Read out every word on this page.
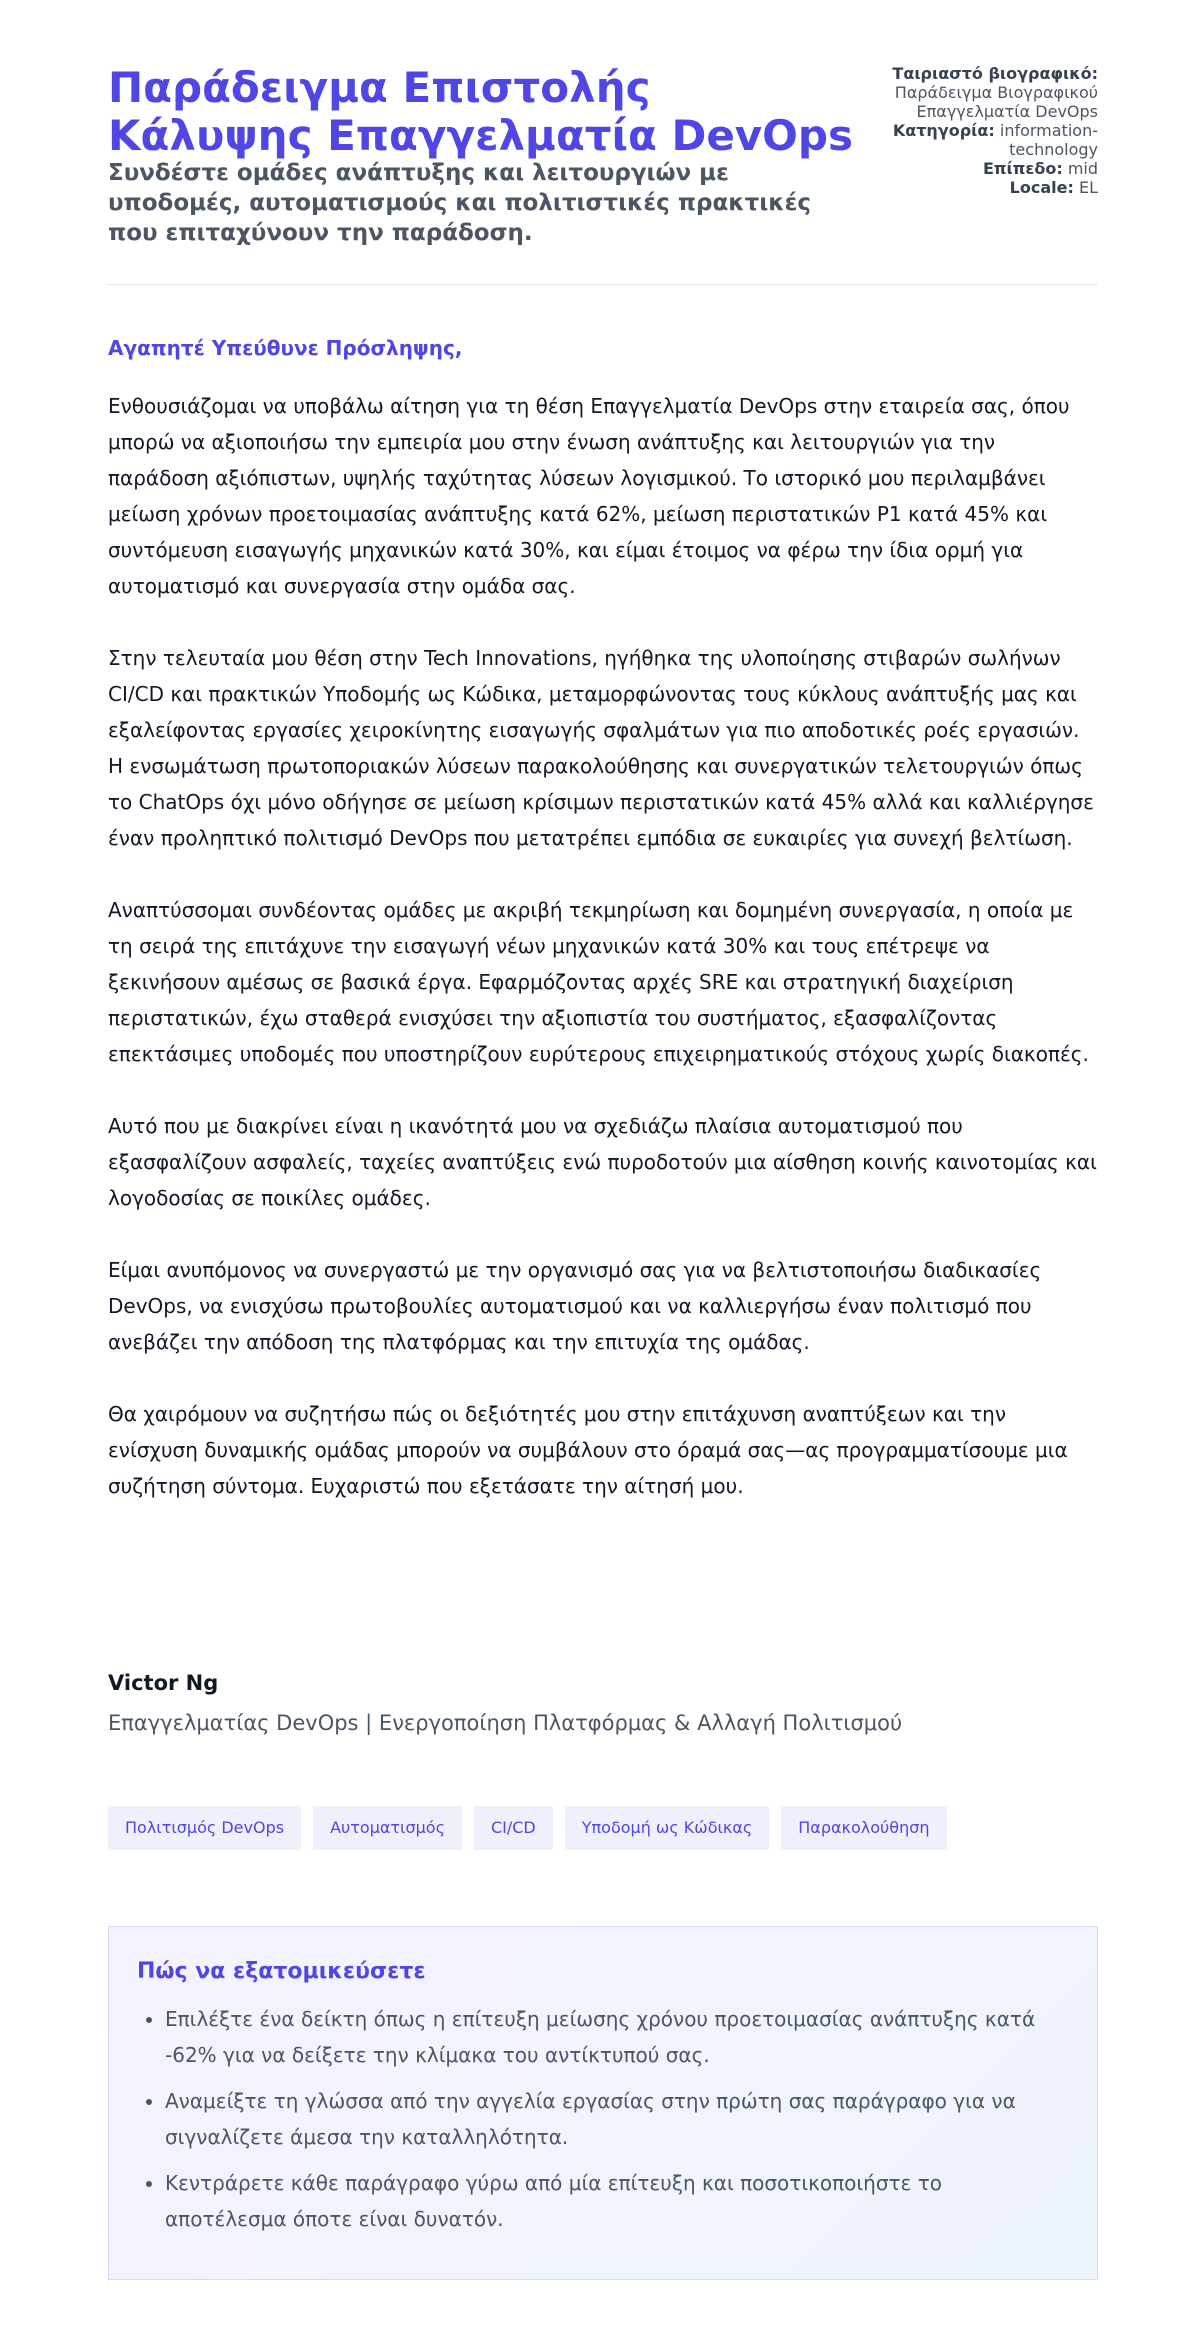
Παράδειγμα Επιστολής Κάλυψης Επαγγελματία DevOps

Συνδέστε ομάδες ανάπτυξης και λειτουργιών με υποδομές, αυτοματισμούς και πολιτιστικές πρακτικές που επιταχύνουν την παράδοση.

Ταιριαστό βιογραφικό:
Παράδειγμα Βιογραφικού Επαγγελματία DevOps

Κατηγορία: information-technology

Επίπεδο: mid

Locale: EL

Αγαπητέ Υπεύθυνε Πρόσληψης,

Ενθουσιάζομαι να υποβάλω αίτηση για τη θέση Επαγγελματία DevOps στην εταιρεία σας, όπου μπορώ να αξιοποιήσω την εμπειρία μου στην ένωση ανάπτυξης και λειτουργιών για την παράδοση αξιόπιστων, υψηλής ταχύτητας λύσεων λογισμικού. Το ιστορικό μου περιλαμβάνει μείωση χρόνων προετοιμασίας ανάπτυξης κατά 62%, μείωση περιστατικών P1 κατά 45% και συντόμευση εισαγωγής μηχανικών κατά 30%, και είμαι έτοιμος να φέρω την ίδια ορμή για αυτοματισμό και συνεργασία στην ομάδα σας.

Στην τελευταία μου θέση στην Tech Innovations, ηγήθηκα της υλοποίησης στιβαρών σωλήνων CI/CD και πρακτικών Υποδομής ως Κώδικα, μεταμορφώνοντας τους κύκλους ανάπτυξής μας και εξαλείφοντας εργασίες χειροκίνητης εισαγωγής σφαλμάτων για πιο αποδοτικές ροές εργασιών. Η ενσωμάτωση πρωτοποριακών λύσεων παρακολούθησης και συνεργατικών τελετουργιών όπως το ChatOps όχι μόνο οδήγησε σε μείωση κρίσιμων περιστατικών κατά 45% αλλά και καλλιέργησε έναν προληπτικό πολιτισμό DevOps που μετατρέπει εμπόδια σε ευκαιρίες για συνεχή βελτίωση.

Αναπτύσσομαι συνδέοντας ομάδες με ακριβή τεκμηρίωση και δομημένη συνεργασία, η οποία με τη σειρά της επιτάχυνε την εισαγωγή νέων μηχανικών κατά 30% και τους επέτρεψε να ξεκινήσουν αμέσως σε βασικά έργα. Εφαρμόζοντας αρχές SRE και στρατηγική διαχείριση περιστατικών, έχω σταθερά ενισχύσει την αξιοπιστία του συστήματος, εξασφαλίζοντας επεκτάσιμες υποδομές που υποστηρίζουν ευρύτερους επιχειρηματικούς στόχους χωρίς διακοπές.

Αυτό που με διακρίνει είναι η ικανότητά μου να σχεδιάζω πλαίσια αυτοματισμού που εξασφαλίζουν ασφαλείς, ταχείες αναπτύξεις ενώ πυροδοτούν μια αίσθηση κοινής καινοτομίας και λογοδοσίας σε ποικίλες ομάδες.

Είμαι ανυπόμονος να συνεργαστώ με την οργανισμό σας για να βελτιστοποιήσω διαδικασίες DevOps, να ενισχύσω πρωτοβουλίες αυτοματισμού και να καλλιεργήσω έναν πολιτισμό που ανεβάζει την απόδοση της πλατφόρμας και την επιτυχία της ομάδας.

Θα χαιρόμουν να συζητήσω πώς οι δεξιότητές μου στην επιτάχυνση αναπτύξεων και την ενίσχυση δυναμικής ομάδας μπορούν να συμβάλουν στο όραμά σας—ας προγραμματίσουμε μια συζήτηση σύντομα. Ευχαριστώ που εξετάσατε την αίτησή μου.

Victor Ng

Επαγγελματίας DevOps | Ενεργοποίηση Πλατφόρμας & Αλλαγή Πολιτισμού

Πολιτισμός DevOps	Αυτοματισμός	CI/CD	Υποδομή ως Κώδικας	Παρακολούθηση
Πώς να εξατομικεύσετε
• Επιλέξτε ένα δείκτη όπως η επίτευξη μείωσης χρόνου προετοιμασίας ανάπτυξης κατά -62% για να δείξετε την κλίμακα του αντίκτυπού σας.
• Αναμείξτε τη γλώσσα από την αγγελία εργασίας στην πρώτη σας παράγραφο για να σιγναλίζετε άμεσα την καταλληλότητα.
• Κεντράρετε κάθε παράγραφο γύρω από μία επίτευξη και ποσοτικοποιήστε το αποτέλεσμα όποτε είναι δυνατόν.
